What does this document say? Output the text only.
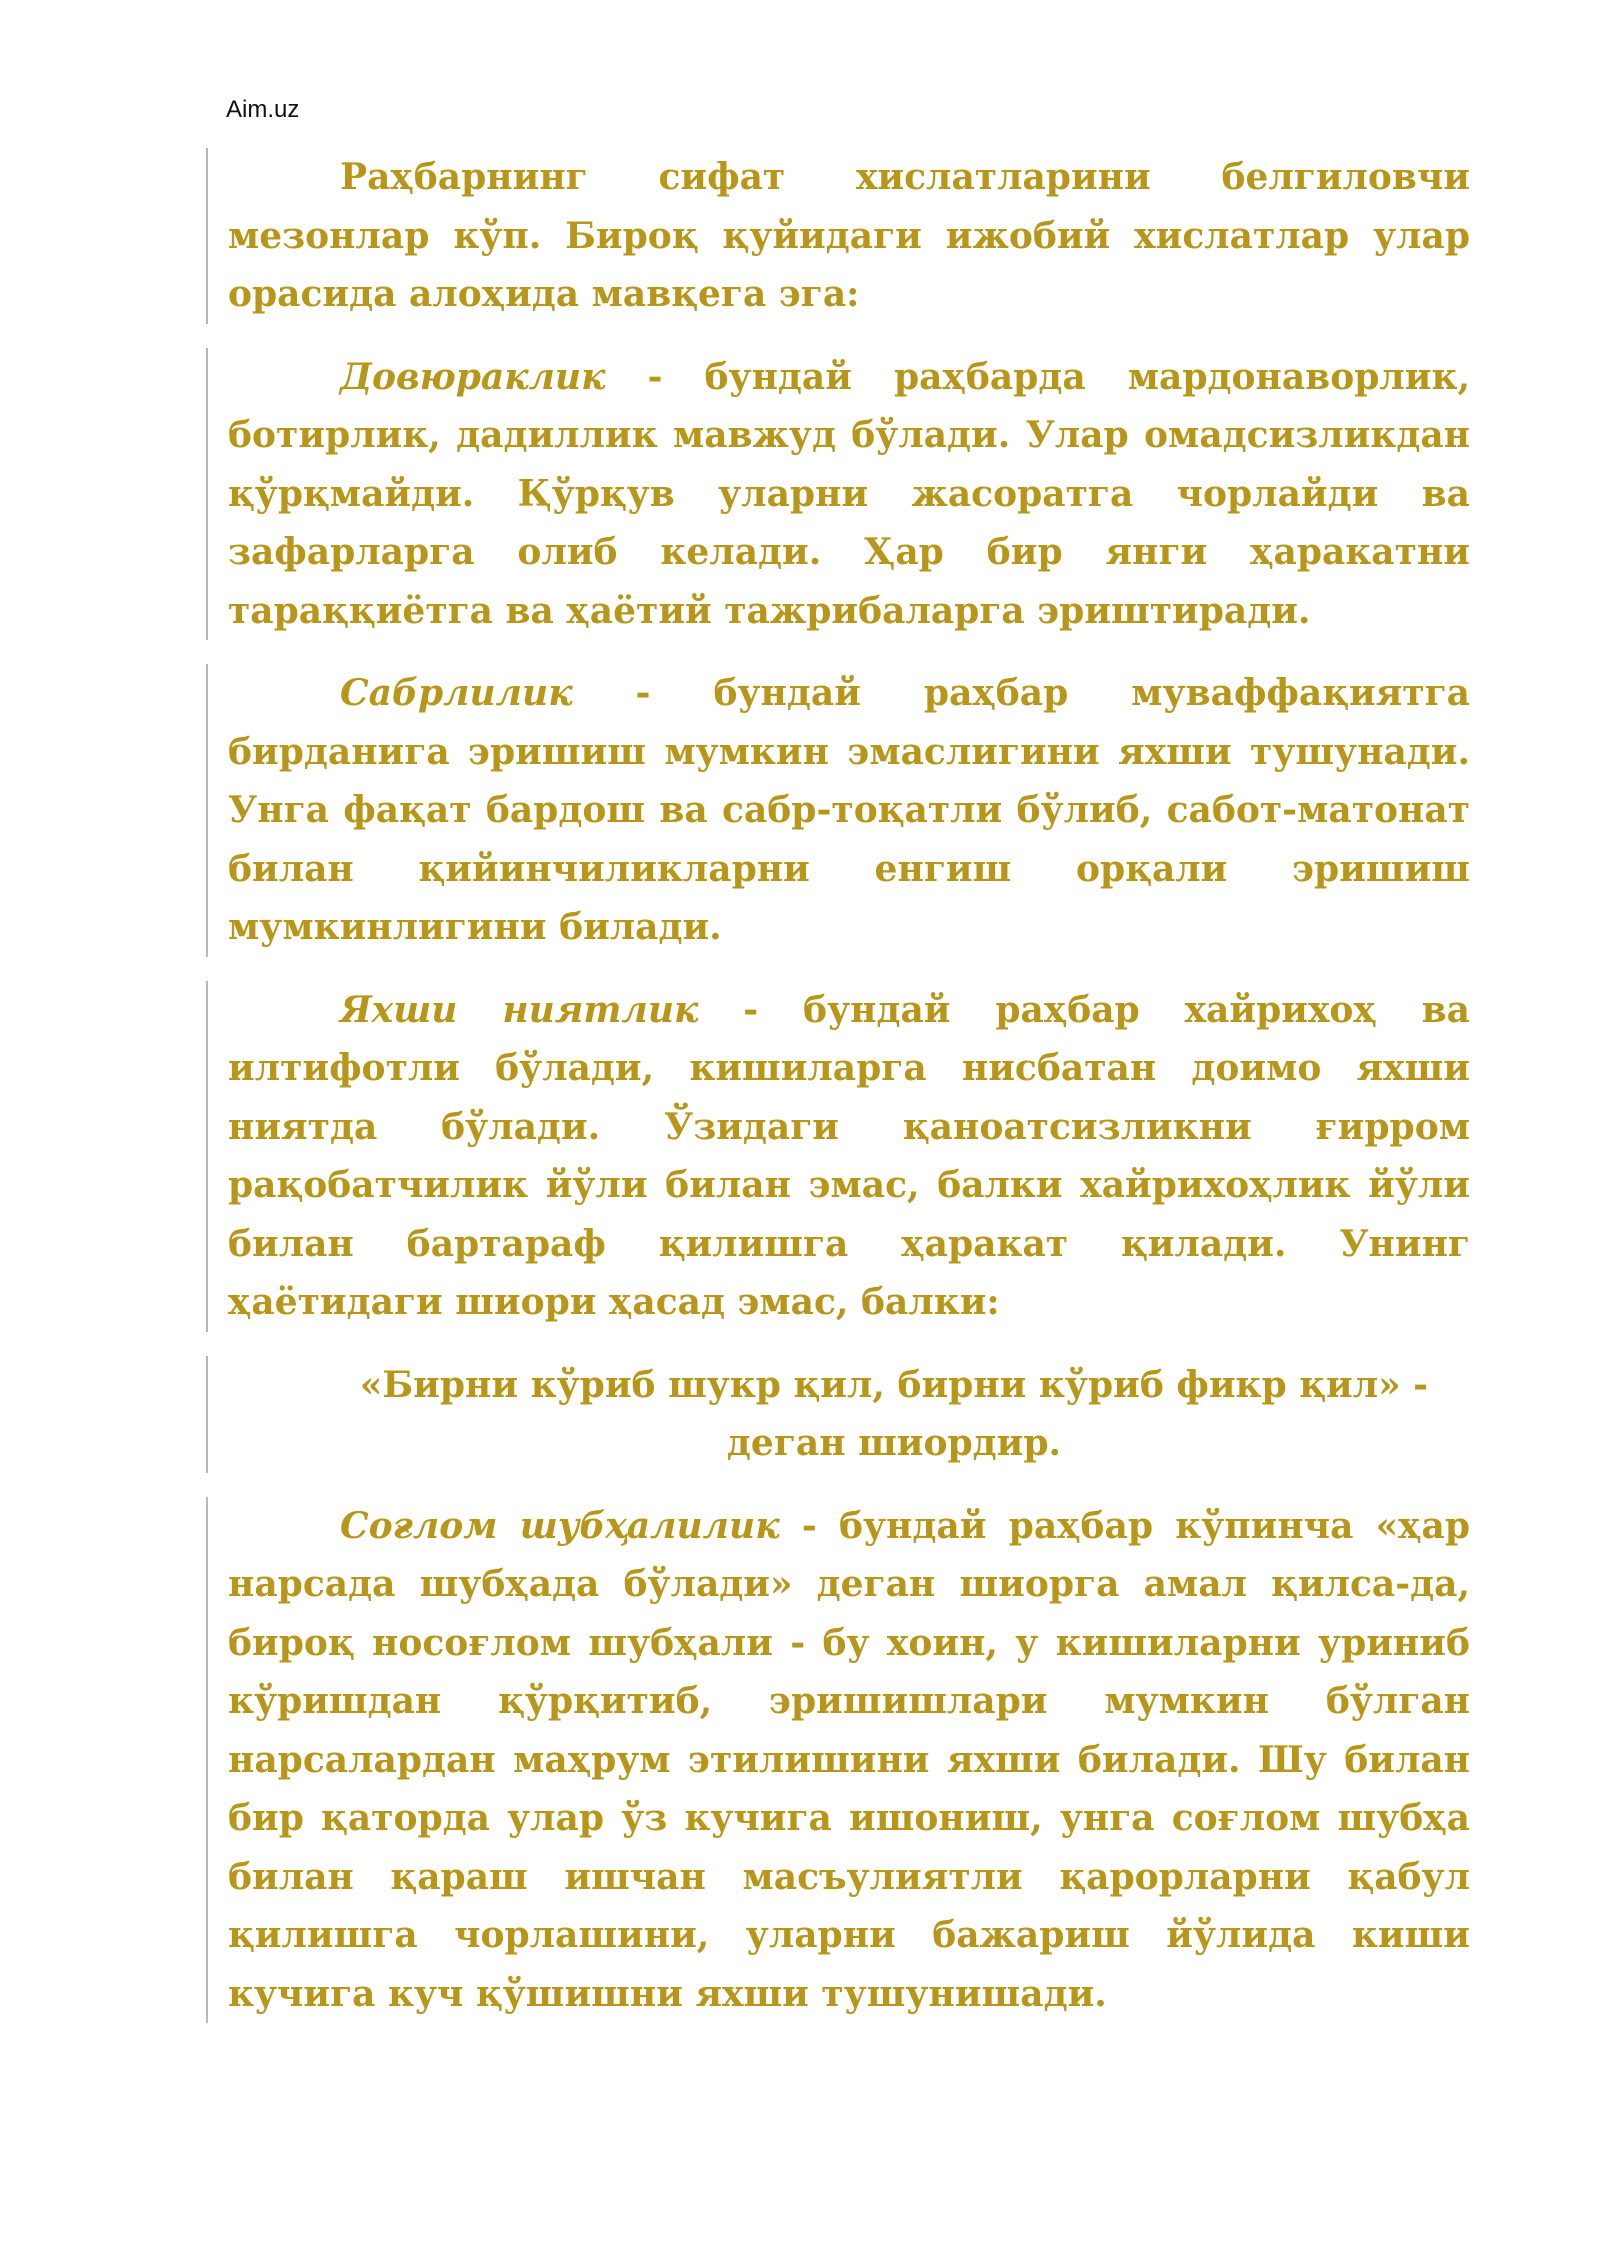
Aim.uz

Раҳбарнинг сифат хислатларини белгиловчи мезонлар кўп. Бироқ қуйидаги ижобий хислатлар улар орасида алоҳида мавқега эга:

Довюраклик - бундай раҳбарда мардонаворлик, ботирлик, дадиллик мавжуд бўлади. Улар омадсизликдан қўрқмайди. Қўрқув уларни жасоратга чорлайди ва зафарларга олиб келади. Ҳар бир янги ҳаракатни тараққиётга ва ҳаётий тажрибаларга эриштиради.

Сабрлилик - бундай раҳбар муваффақиятга бирданига эришиш мумкин эмаслигини яхши тушунади. Унга фақат бардош ва сабр-тоқатли бўлиб, сабот-матонат билан қийинчиликларни енгиш орқали эришиш мумкинлигини билади.

Яхши ниятлик - бундай раҳбар хайрихоҳ ва илтифотли бўлади, кишиларга нисбатан доимо яхши ниятда бўлади. Ўзидаги қаноатсизликни ғирром рақобатчилик йўли билан эмас, балки хайрихоҳлик йўли билан бартараф қилишга ҳаракат қилади. Унинг ҳаётидаги шиори ҳасад эмас, балки:

«Бирни кўриб шукр қил, бирни кўриб фикр қил» - деган шиордир.

Соғлом шубҳалилик - бундай раҳбар кўпинча «ҳар нарсада шубҳада бўлади» деган шиорга амал қилса-да, бироқ носоғлом шубҳали - бу хоин, у кишиларни уриниб кўришдан қўрқитиб, эришишлари мумкин бўлган нарсалардан маҳрум этилишини яхши билади. Шу билан бир қаторда улар ўз кучига ишониш, унга соғлом шубҳа билан қараш ишчан масъулиятли қарорларни қабул қилишга чорлашини, уларни бажариш йўлида киши кучига куч қўшишни яхши тушунишади.
